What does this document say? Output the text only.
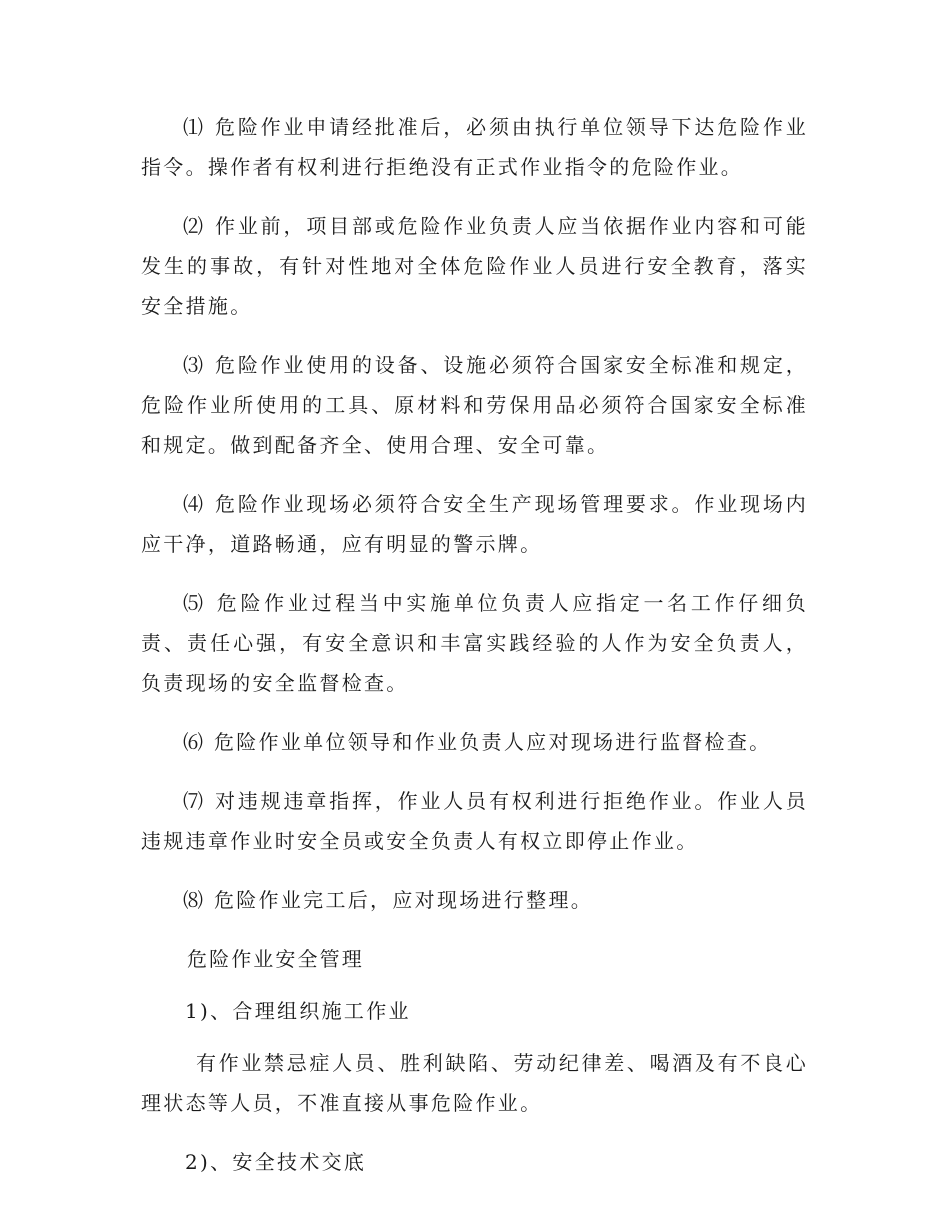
⑴ 危险作业申请经批准后，必须由执行单位领导下达危险作业指令。操作者有权利进行拒绝没有正式作业指令的危险作业。

⑵ 作业前，项目部或危险作业负责人应当依据作业内容和可能发生的事故，有针对性地对全体危险作业人员进行安全教育，落实安全措施。

⑶ 危险作业使用的设备、设施必须符合国家安全标准和规定，危险作业所使用的工具、原材料和劳保用品必须符合国家安全标准和规定。做到配备齐全、使用合理、安全可靠。

⑷ 危险作业现场必须符合安全生产现场管理要求。作业现场内应干净，道路畅通，应有明显的警示牌。

⑸ 危险作业过程当中实施单位负责人应指定一名工作仔细负责、责任心强，有安全意识和丰富实践经验的人作为安全负责人，负责现场的安全监督检查。

⑹ 危险作业单位领导和作业负责人应对现场进行监督检查。

⑺ 对违规违章指挥，作业人员有权利进行拒绝作业。作业人员违规违章作业时安全员或安全负责人有权立即停止作业。

⑻ 危险作业完工后，应对现场进行整理。

危险作业安全管理

1)、合理组织施工作业

有作业禁忌症人员、胜利缺陷、劳动纪律差、喝酒及有不良心理状态等人员，不准直接从事危险作业。

2)、安全技术交底
